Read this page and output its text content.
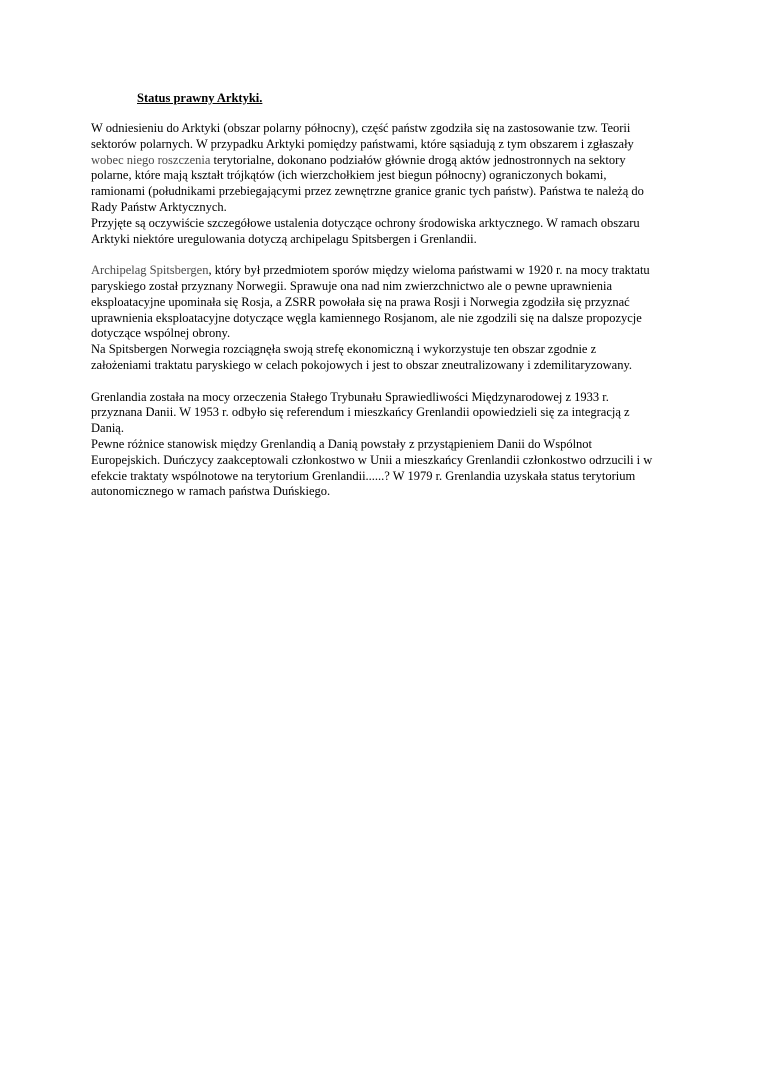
Status prawny Arktyki.

W odniesieniu do Arktyki (obszar polarny północny), część państw zgodziła się na zastosowanie tzw. Teorii
sektorów polarnych. W przypadku Arktyki pomiędzy państwami, które sąsiadują z tym obszarem i zgłaszały
wobec niego roszczenia terytorialne, dokonano podziałów głównie drogą aktów jednostronnych na sektory
polarne, które mają kształt trójkątów (ich wierzchołkiem jest biegun północny) ograniczonych bokami,
ramionami (południkami przebiegającymi przez zewnętrzne granice granic tych państw). Państwa te należą do
Rady Państw Arktycznych.

Przyjęte są oczywiście szczegółowe ustalenia dotyczące ochrony środowiska arktycznego. W ramach obszaru
Arktyki niektóre uregulowania dotyczą archipelagu Spitsbergen i Grenlandii.

Archipelag Spitsbergen, który był przedmiotem sporów między wieloma państwami w 1920 r. na mocy traktatu
paryskiego został przyznany Norwegii. Sprawuje ona nad nim zwierzchnictwo ale o pewne uprawnienia
eksploatacyjne upominała się Rosja, a ZSRR powołała się na prawa Rosji i Norwegia zgodziła się przyznać
uprawnienia eksploatacyjne dotyczące węgla kamiennego Rosjanom, ale nie zgodzili się na dalsze propozycje
dotyczące wspólnej obrony.

Na Spitsbergen Norwegia rozciągnęła swoją strefę ekonomiczną i wykorzystuje ten obszar zgodnie z
założeniami traktatu paryskiego w celach pokojowych i jest to obszar zneutralizowany i zdemilitaryzowany.

Grenlandia została na mocy orzeczenia Stałego Trybunału Sprawiedliwości Międzynarodowej z 1933 r.
przyznana Danii. W 1953 r. odbyło się referendum i mieszkańcy Grenlandii opowiedzieli się za integracją z
Danią.

Pewne różnice stanowisk między Grenlandią a Danią powstały z przystąpieniem Danii do Wspólnot
Europejskich. Duńczycy zaakceptowali członkostwo w Unii a mieszkańcy Grenlandii członkostwo odrzucili i w
efekcie traktaty wspólnotowe na terytorium Grenlandii......? W 1979 r. Grenlandia uzyskała status terytorium
autonomicznego w ramach państwa Duńskiego.
